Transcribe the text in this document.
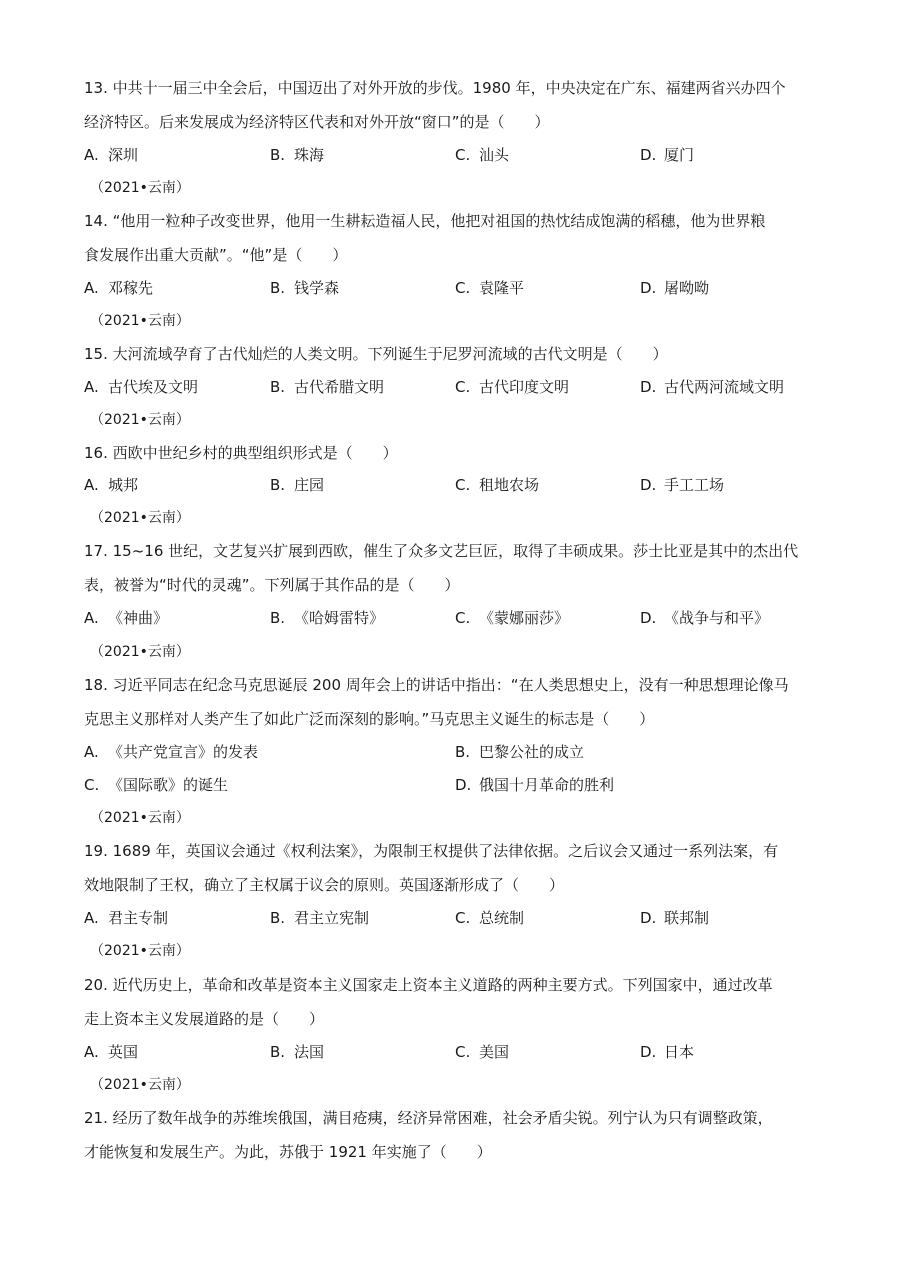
13. 中共十一届三中全会后，中国迈出了对外开放的步伐。1980 年，中央决定在广东、福建两省兴办四个
经济特区。后来发展成为经济特区代表和对外开放“窗口”的是（　　）
A. 深圳	B. 珠海	C. 汕头	D. 厦门
（2021•云南）
14. “他用一粒种子改变世界，他用一生耕耘造福人民，他把对祖国的热忱结成饱满的稻穗，他为世界粮
食发展作出重大贡献”。“他”是（　　）
A. 邓稼先	B. 钱学森	C. 袁隆平	D. 屠呦呦
（2021•云南）
15. 大河流域孕育了古代灿烂的人类文明。下列诞生于尼罗河流域的古代文明是（　　）
A. 古代埃及文明	B. 古代希腊文明	C. 古代印度文明	D. 古代两河流域文明
（2021•云南）
16. 西欧中世纪乡村的典型组织形式是（　　）
A. 城邦	B. 庄园	C. 租地农场	D. 手工工场
（2021•云南）
17. 15~16 世纪，文艺复兴扩展到西欧，催生了众多文艺巨匠，取得了丰硕成果。莎士比亚是其中的杰出代
表，被誉为“时代的灵魂”。下列属于其作品的是（　　）
A. 《神曲》	B. 《哈姆雷特》	C. 《蒙娜丽莎》	D. 《战争与和平》
（2021•云南）
18. 习近平同志在纪念马克思诞辰 200 周年会上的讲话中指出：“在人类思想史上，没有一种思想理论像马
克思主义那样对人类产生了如此广泛而深刻的影响。”马克思主义诞生的标志是（　　）
A. 《共产党宣言》的发表	B. 巴黎公社的成立
C. 《国际歌》的诞生	D. 俄国十月革命的胜利
（2021•云南）
19. 1689 年，英国议会通过《权利法案》，为限制王权提供了法律依据。之后议会又通过一系列法案，有
效地限制了王权，确立了主权属于议会的原则。英国逐渐形成了（　　）
A. 君主专制	B. 君主立宪制	C. 总统制	D. 联邦制
（2021•云南）
20. 近代历史上，革命和改革是资本主义国家走上资本主义道路的两种主要方式。下列国家中，通过改革
走上资本主义发展道路的是（　　）
A. 英国	B. 法国	C. 美国	D. 日本
（2021•云南）
21. 经历了数年战争的苏维埃俄国，满目疮痍，经济异常困难，社会矛盾尖锐。列宁认为只有调整政策，
才能恢复和发展生产。为此，苏俄于 1921 年实施了（　　）
